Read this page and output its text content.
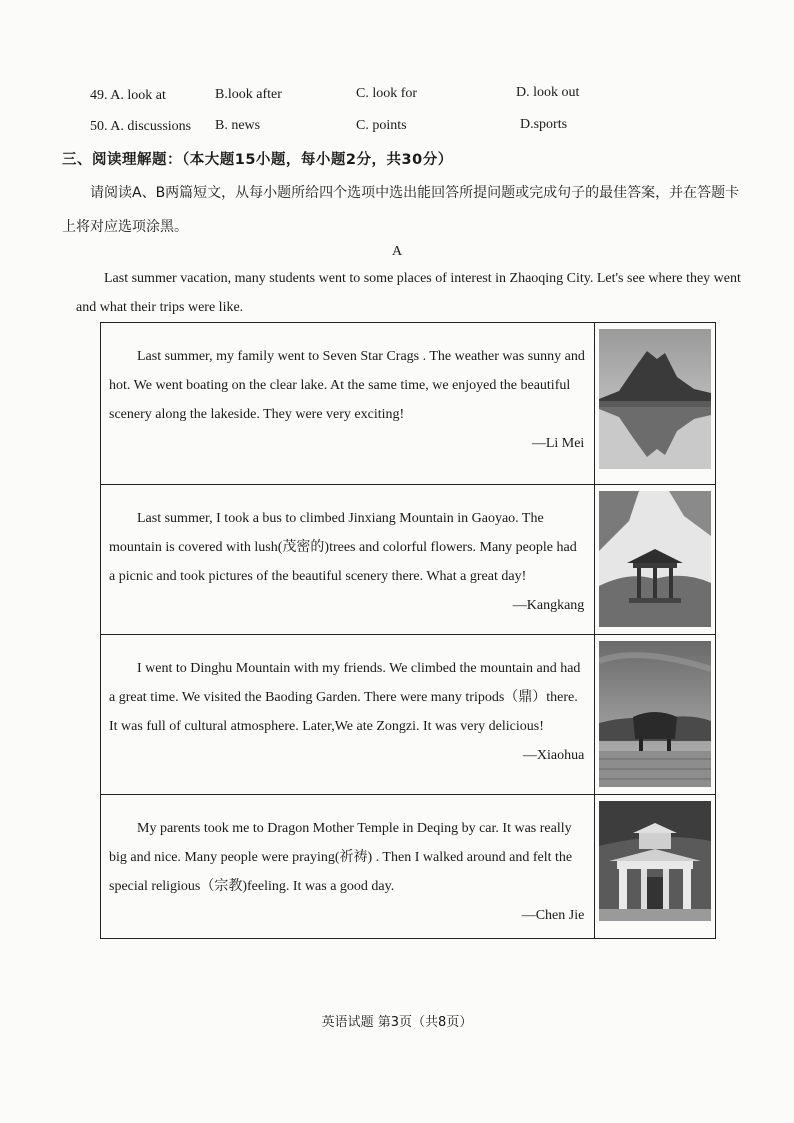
49. A. look at	B.look after	C. look for	D. look out
50. A. discussions B. news	C. points	D.sports
三、阅读理解题：（本大题15小题，每小题2分，共30分）
请阅读A、B两篇短文，从每小题所给四个选项中选出能回答所提问题或完成句子的最佳答案，并在答题卡上将对应选项涂黑。
A
Last summer vacation, many students went to some places of interest in Zhaoqing City. Let's see where they went and what their trips were like.
Last summer, my family went to Seven Star Crags . The weather was sunny and hot. We went boating on the clear lake. At the same time, we enjoyed the beautiful scenery along the lakeside. They were very exciting!
—Li Mei

Last summer, I took a bus to climbed Jinxiang Mountain in Gaoyao. The mountain is covered with lush(茂密的)trees and colorful flowers. Many people had a picnic and took pictures of the beautiful scenery there. What a great day!
—Kangkang

I went to Dinghu Mountain with my friends. We climbed the mountain and had a great time. We visited the Baoding Garden. There were many tripods（鼎）there. It was full of cultural atmosphere. Later,We ate Zongzi. It was very delicious!
—Xiaohua

My parents took me to Dragon Mother Temple in Deqing by car. It was really big and nice. Many people were praying(祈祷) . Then I walked around and felt the special religious（宗教)feeling. It was a good day.
—Chen Jie

英语试题 第3页（共8页）
